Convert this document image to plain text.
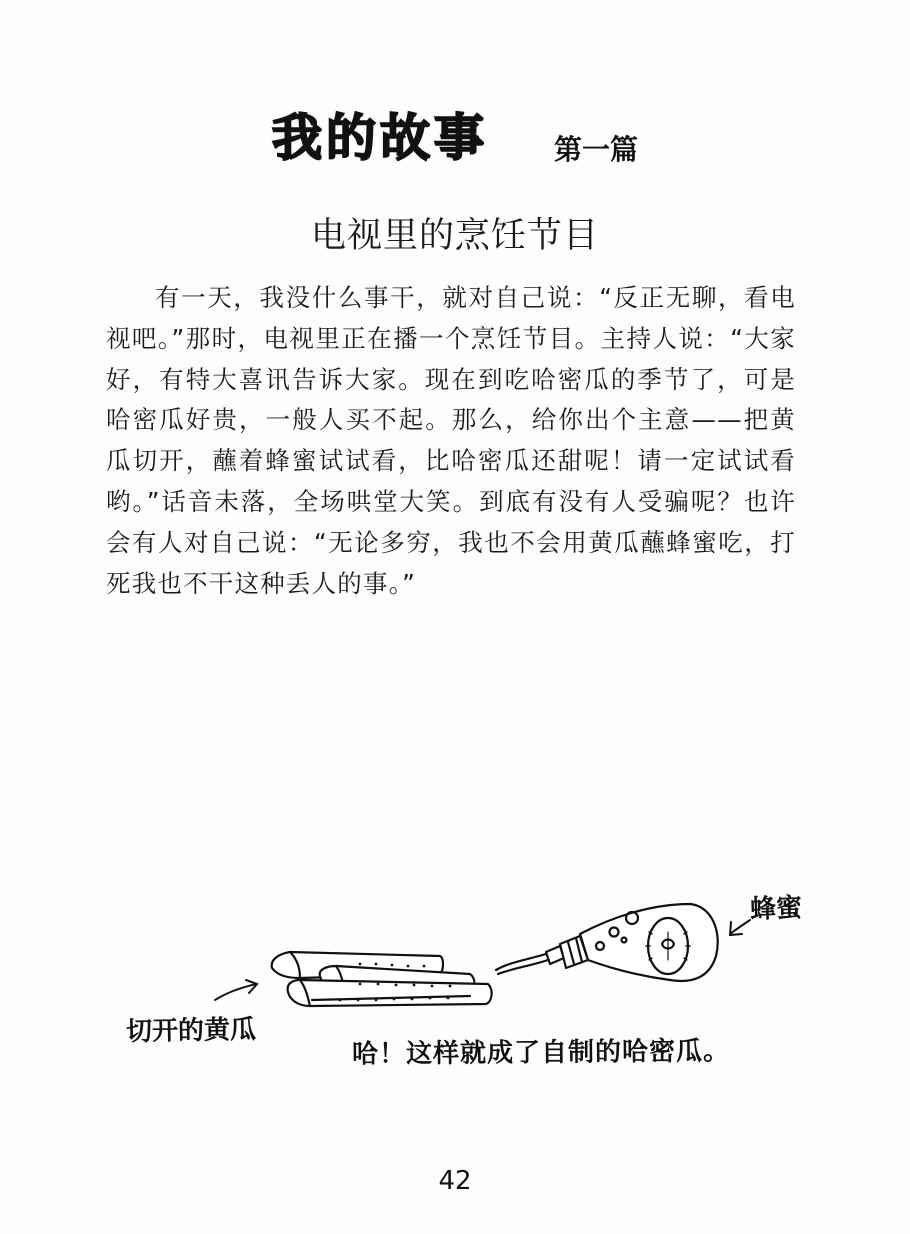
我的故事 第一篇
电视里的烹饪节目

有一天，我没什么事干，就对自己说：“反正无聊，看电视吧。”那时，电视里正在播一个烹饪节目。主持人说：“大家好，有特大喜讯告诉大家。现在到吃哈密瓜的季节了，可是哈密瓜好贵，一般人买不起。那么，给你出个主意——把黄瓜切开，蘸着蜂蜜试试看，比哈密瓜还甜呢！请一定试试看哟。”话音未落，全场哄堂大笑。到底有没有人受骗呢？也许会有人对自己说：“无论多穷，我也不会用黄瓜蘸蜂蜜吃，打死我也不干这种丢人的事。”

蜂蜜
切开的黄瓜
哈！这样就成了自制的哈密瓜。
42
